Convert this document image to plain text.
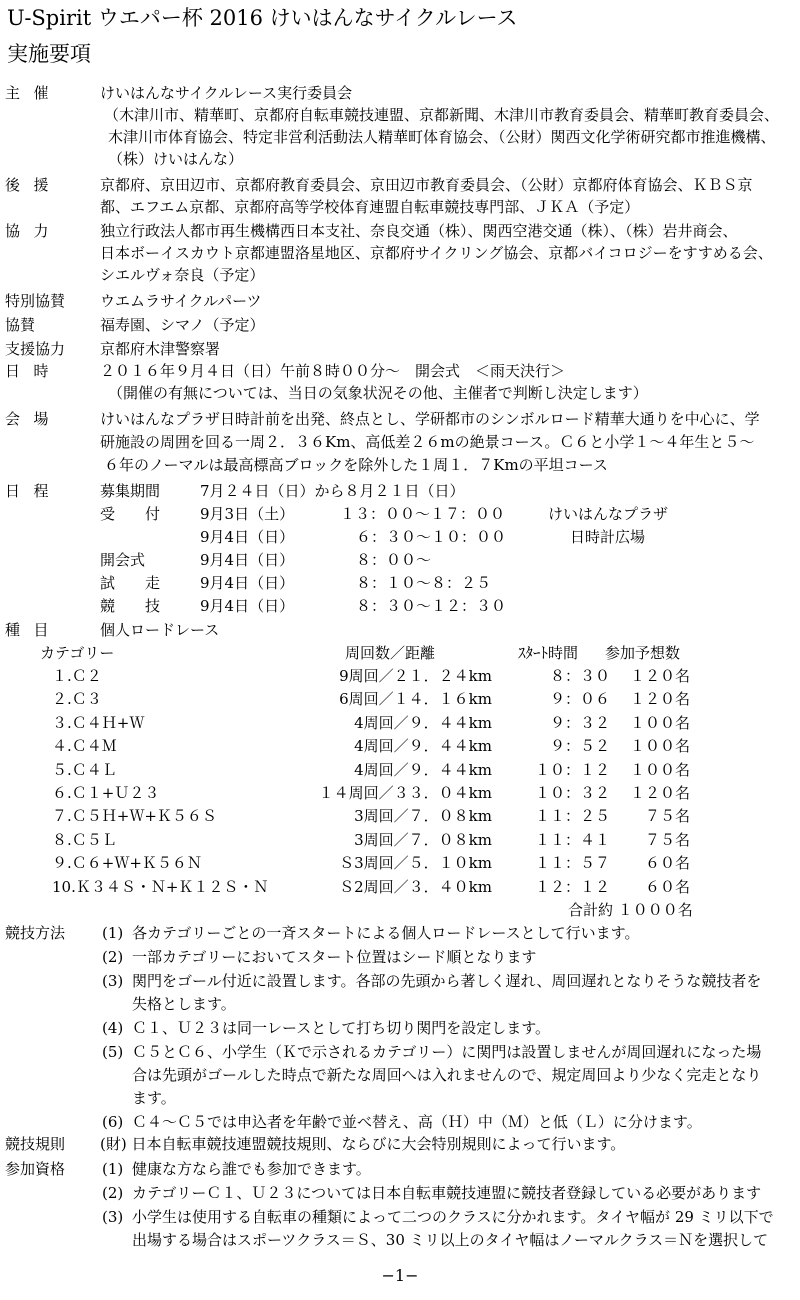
U-Spirit ウエパー杯 2016 けいはんなサイクルレース
実施要項
主催	けいはんなサイクルレース実行委員会
（木津川市、精華町、京都府自転車競技連盟、京都新聞、木津川市教育委員会、精華町教育委員会、
木津川市体育協会、特定非営利活動法人精華町体育協会、（公財）関西文化学術研究都市推進機構、
（株）けいはんな）
後援	京都府、京田辺市、京都府教育委員会、京田辺市教育委員会、（公財）京都府体育協会、ＫＢＳ京
都、エフエム京都、京都府高等学校体育連盟自転車競技専門部、ＪＫＡ（予定）
協力	独立行政法人都市再生機構西日本支社、奈良交通（株）、関西空港交通（株）、（株）岩井商会、
日本ボーイスカウト京都連盟洛星地区、京都府サイクリング協会、京都バイコロジーをすすめる会、
シエルヴォ奈良（予定）
特別協賛 ウエムラサイクルパーツ
協賛	福寿園、シマノ（予定）
支援協力 京都府木津警察署
日時	２０１６年９月４日（日）午前８時００分～　開会式　＜雨天決行＞
（開催の有無については、当日の気象状況その他、主催者で判断し決定します）
会場	けいはんなプラザ日時計前を出発、終点とし、学研都市のシンボルロード精華大通りを中心に、学
研施設の周囲を回る一周２．３６Km、高低差２６mの絶景コース。Ｃ６と小学１～４年生と５～
６年のノーマルは最高標高ブロックを除外した１周１．７Kmの平坦コース
日程	募集期間	7月２４日（日）から８月２１日（日）
受　　付	9月3日（土）	１３：００～１７：００	けいはんなプラザ
9月4日（日）	６：３０～１０：００	日時計広場
開会式	9月4日（日）	８：００～
試　　走	9月4日（日）	８：１０～８：２５
競　　技	9月4日（日）	８：３０～１２：３０
種目	個人ロードレース
カテゴリー	周回数／距離	ｽﾀｰﾄ時間 参加予想数
１.Ｃ２	9周回／２１．２４km	８：３０ １２０名
２.Ｃ３	6周回／１４．１６km	９：０６ １２０名
３.Ｃ４Ｈ+Ｗ	4周回／９．４４km	９：３２ １００名
４.Ｃ４Ｍ	4周回／９．４４km	９：５２ １００名
５.Ｃ４Ｌ	4周回／９．４４km	１０：１２ １００名
６.Ｃ１+Ｕ２３	１４周回／３３．０４km	１０：３２ １２０名
７.Ｃ５Ｈ+Ｗ+Ｋ５６Ｓ	3周回／７．０８km	１１：２５ ７５名
８.Ｃ５Ｌ	3周回／７．０８km	１１：４１ ７５名
９.Ｃ６+Ｗ+Ｋ５６Ｎ	Ｓ3周回／５．１０km	１１：５７ ６０名
10.Ｋ３４Ｓ・Ｎ+Ｋ１２Ｓ・Ｎ	Ｓ2周回／３．４０km	１２：１２ ６０名
合計約 １０００名
競技方法 (1) 各カテゴリーごとの一斉スタートによる個人ロードレースとして行います。
(2) 一部カテゴリーにおいてスタート位置はシード順となります
(3) 関門をゴール付近に設置します。各部の先頭から著しく遅れ、周回遅れとなりそうな競技者を
失格とします。
(4) Ｃ１、Ｕ２３は同一レースとして打ち切り関門を設定します。
(5) Ｃ５とＣ６、小学生（Ｋで示されるカテゴリー）に関門は設置しませんが周回遅れになった場
合は先頭がゴールした時点で新たな周回へは入れませんので、規定周回より少なく完走となり
ます。
(6) Ｃ４～Ｃ５では申込者を年齢で並べ替え、高（Ｈ）中（Ｍ）と低（Ｌ）に分けます。
競技規則 (財) 日本自転車競技連盟競技規則、ならびに大会特別規則によって行います。
参加資格 (1) 健康な方なら誰でも参加できます。
(2) カテゴリーＣ１、Ｕ２３については日本自転車競技連盟に競技者登録している必要があります
(3) 小学生は使用する自転車の種類によって二つのクラスに分かれます。タイヤ幅が 29 ミリ以下で
出場する場合はスポーツクラス＝Ｓ、30 ミリ以上のタイヤ幅はノーマルクラス＝Ｎを選択して
−1−
